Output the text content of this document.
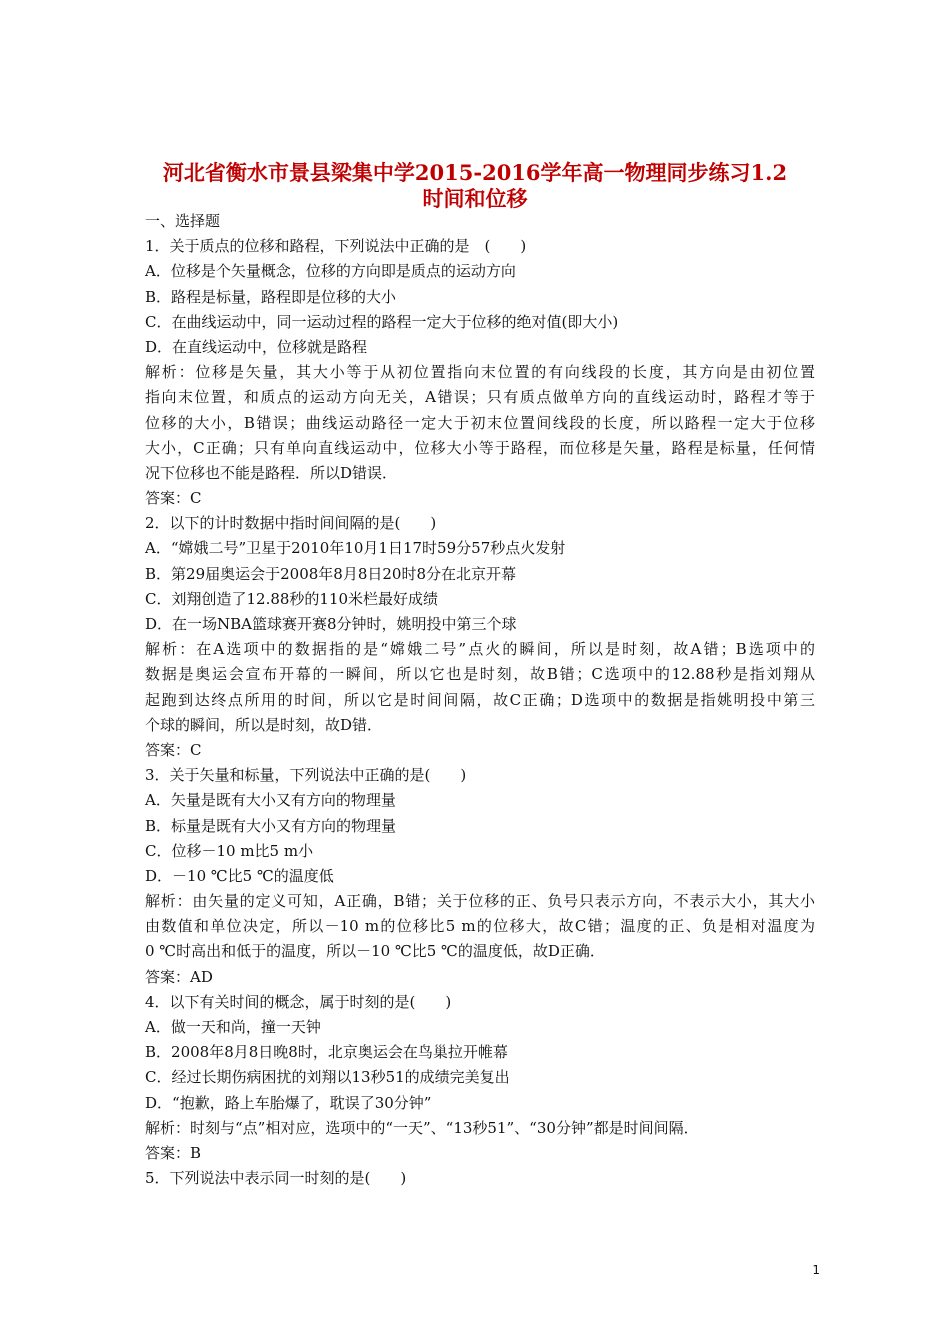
河北省衡水市景县梁集中学2015-2016学年高一物理同步练习1.2
时间和位移
一、选择题
1．关于质点的位移和路程，下列说法中正确的是　(　　)
A．位移是个矢量概念，位移的方向即是质点的运动方向
B．路程是标量，路程即是位移的大小
C．在曲线运动中，同一运动过程的路程一定大于位移的绝对值(即大小)
D．在直线运动中，位移就是路程
解析：位移是矢量，其大小等于从初位置指向末位置的有向线段的长度，其方向是由初位置
指向末位置，和质点的运动方向无关，A错误；只有质点做单方向的直线运动时，路程才等于
位移的大小，B错误；曲线运动路径一定大于初末位置间线段的长度，所以路程一定大于位移
大小，C正确；只有单向直线运动中，位移大小等于路程，而位移是矢量，路程是标量，任何情
况下位移也不能是路程．所以D错误．
答案：C
2．以下的计时数据中指时间间隔的是(　　)
A．“嫦娥二号”卫星于2010年10月1日17时59分57秒点火发射
B．第29届奥运会于2008年8月8日20时8分在北京开幕
C．刘翔创造了12.88秒的110米栏最好成绩
D．在一场NBA篮球赛开赛8分钟时，姚明投中第三个球
解析：在A选项中的数据指的是“嫦娥二号”点火的瞬间，所以是时刻，故A错；B选项中的
数据是奥运会宣布开幕的一瞬间，所以它也是时刻，故B错；C选项中的12.88秒是指刘翔从
起跑到达终点所用的时间，所以它是时间间隔，故C正确；D选项中的数据是指姚明投中第三
个球的瞬间，所以是时刻，故D错．
答案：C
3．关于矢量和标量，下列说法中正确的是(　　)
A．矢量是既有大小又有方向的物理量
B．标量是既有大小又有方向的物理量
C．位移－10 m比5 m小
D．－10 ℃比5 ℃的温度低
解析：由矢量的定义可知，A正确，B错；关于位移的正、负号只表示方向，不表示大小，其大小
由数值和单位决定，所以－10 m的位移比5 m的位移大，故C错；温度的正、负是相对温度为
0 ℃时高出和低于的温度，所以－10 ℃比5 ℃的温度低，故D正确．
答案：AD
4．以下有关时间的概念，属于时刻的是(　　)
A．做一天和尚，撞一天钟
B．2008年8月8日晚8时，北京奥运会在鸟巢拉开帷幕
C．经过长期伤病困扰的刘翔以13秒51的成绩完美复出
D．“抱歉，路上车胎爆了，耽误了30分钟”
解析：时刻与“点”相对应，选项中的“一天”、“13秒51”、“30分钟”都是时间间隔．
答案：B
5．下列说法中表示同一时刻的是(　　)
1
